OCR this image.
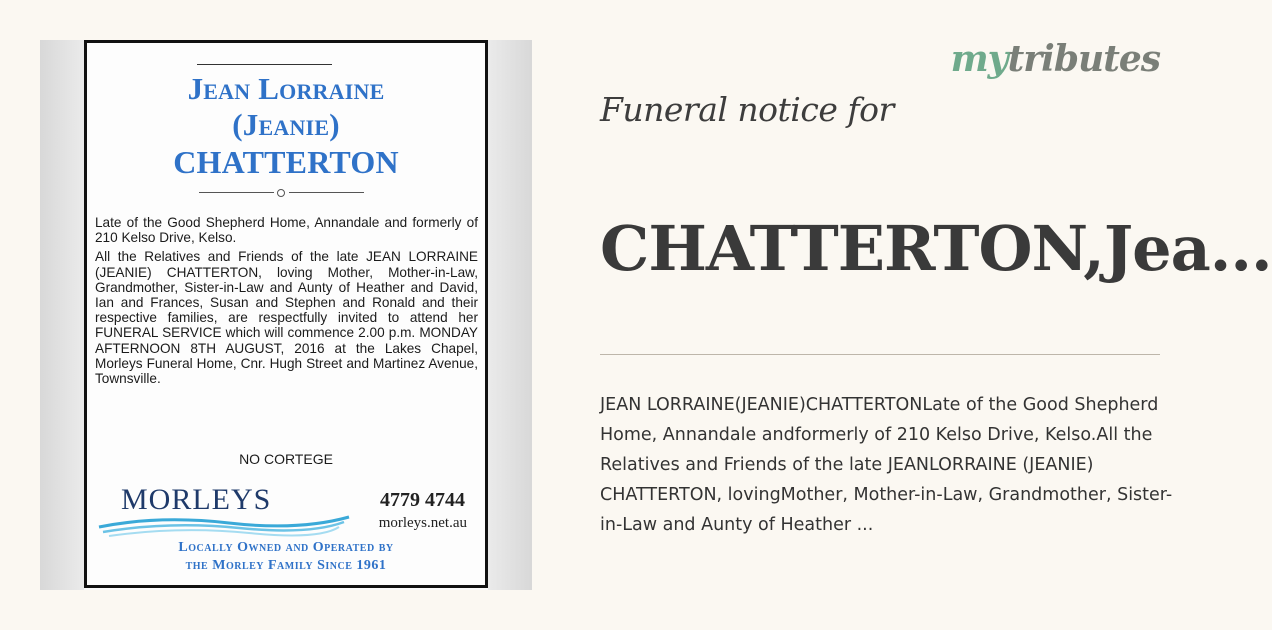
Jean Lorraine
(Jeanie)
CHATTERTON

Late of the Good Shepherd Home, Annandale and formerly of 210 Kelso Drive, Kelso.

All the Relatives and Friends of the late JEAN LORRAINE (JEANIE) CHATTERTON, loving Mother, Mother-in-Law, Grandmother, Sister-in-Law and Aunty of Heather and David, Ian and Frances, Susan and Stephen and Ronald and their respective families, are respectfully invited to attend her FUNERAL SERVICE which will commence 2.00 p.m. MONDAY AFTERNOON 8TH AUGUST, 2016 at the Lakes Chapel, Morleys Funeral Home, Cnr. Hugh Street and Martinez Avenue, Townsville.

NO CORTEGE
MORLEYS	4779 4744
morleys.net.au
Locally Owned and Operated by
the Morley Family Since 1961
mytributes
Funeral notice for
CHATTERTON,Jea...
JEAN LORRAINE(JEANIE)CHATTERTONLate of the Good Shepherd Home, Annandale andformerly of 210 Kelso Drive, Kelso.All the Relatives and Friends of the late JEANLORRAINE (JEANIE) CHATTERTON, lovingMother, Mother-in-Law, Grandmother, Sister-in-Law and Aunty of Heather ...
